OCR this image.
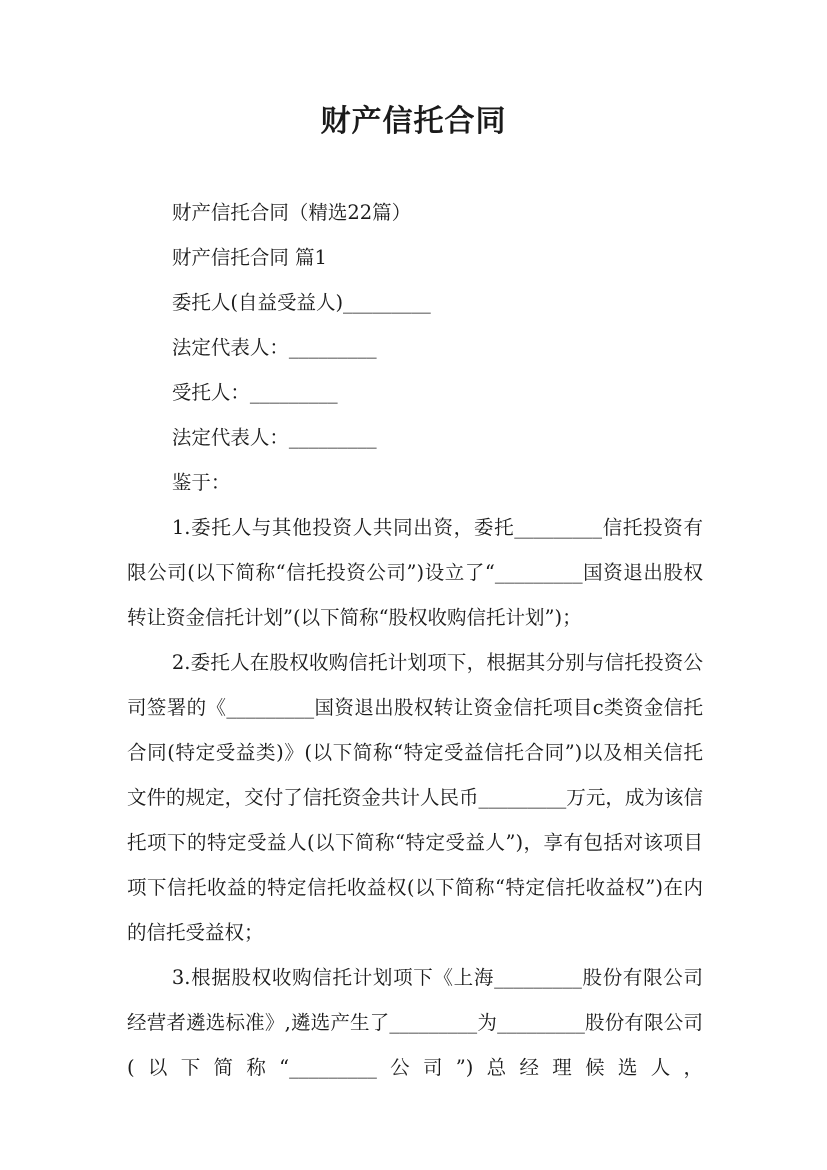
财产信托合同

财产信托合同（精选22篇）

财产信托合同 篇1

委托人(自益受益人)_________

法定代表人：_________

受托人：_________

法定代表人：_________

鉴于：

1.委托人与其他投资人共同出资，委托_________信托投资有限公司(以下简称“信托投资公司”)设立了“_________国资退出股权转让资金信托计划”(以下简称“股权收购信托计划”)；

2.委托人在股权收购信托计划项下，根据其分别与信托投资公司签署的《_________国资退出股权转让资金信托项目c类资金信托合同(特定受益类)》(以下简称“特定受益信托合同”)以及相关信托文件的规定，交付了信托资金共计人民币_________万元，成为该信托项下的特定受益人(以下简称“特定受益人”)，享有包括对该项目项下信托收益的特定信托收益权(以下简称“特定信托收益权”)在内的信托受益权；

3.根据股权收购信托计划项下《上海_________股份有限公司经营者遴选标准》,遴选产生了_________为_________股份有限公司(以下简称“_________公司”)总经理候选人，
